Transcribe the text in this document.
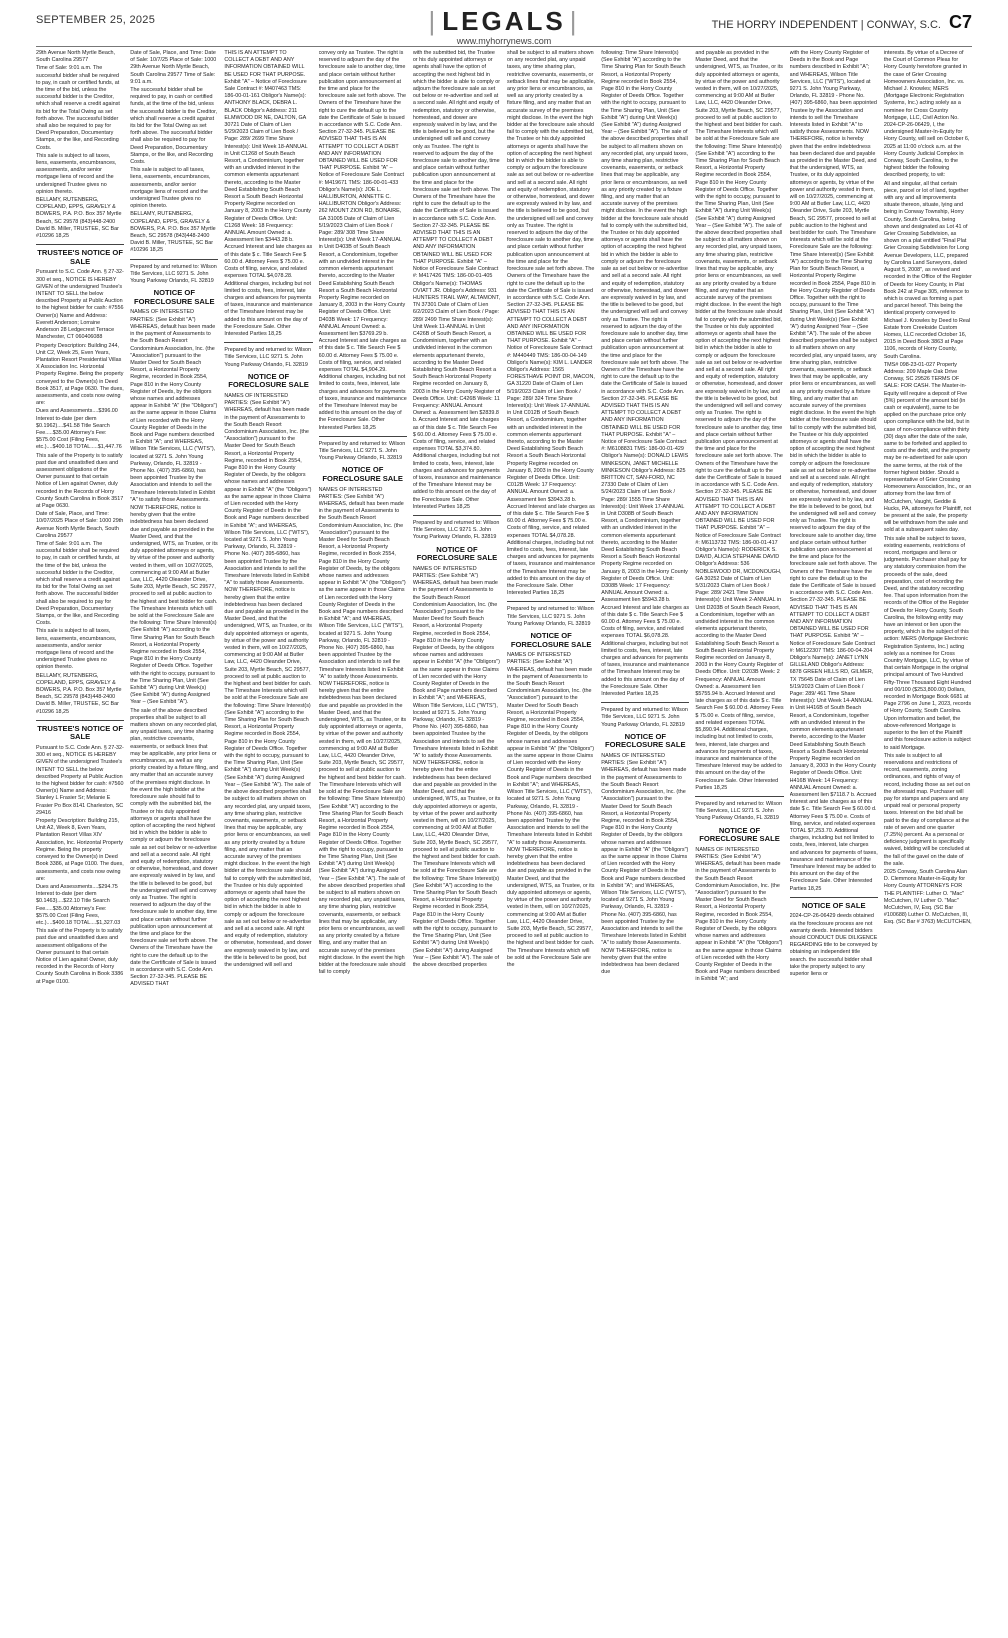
SEPTEMBER 25, 2025	| LEGALS |	THE HORRY INDEPENDENT | CONWAY, S.C. C7
www.myhorrynews.com

29th Avenue North Myrtle Beach, South Carolina 29577

Time of Sale: 9:01 a.m. The successful bidder shall be required to pay, in cash or certified funds, at the time of the bid, unless the successful bidder is the Creditor, which shall reserve a credit against its bid for the Total Owing as set forth above. The successful bidder shall also be required to pay for Deed Preparation, Documentary Stamps, or the like, and Recording Costs.

This sale is subject to all taxes, liens, easements, encumbrances, assessments, and/or senior mortgage liens of record and the undersigned Trustee gives no opinion thereto.

BELLAMY, RUTENBERG, COPELAND, EPPS, GRAVELY & BOWERS, P.A. P.O. Box 357 Myrtle Beach, SC 29578 (843)448-2400 David B. Miller, TRUSTEE, SC Bar #10296 18,25

TRUSTEE'S NOTICE OF SALE

Pursuant to S.C. Code Ann. § 27-32-300 et seq., NOTICE IS HEREBY GIVEN of the undersigned Trustee's INTENT TO SELL the below described Property at Public Auction to the highest bidder for cash: #7556 Owner(s) Name and Address: Everett Anderson; Lorraine Anderson 28 Ledgecrest Terrace Manchester, CT 060406088

Property Description: Building 244, Unit C2, Week 25, Even Years, Plantation Resort Presidential Villas X Association Inc. Horizontal Property Regime. Being the property conveyed to the Owner(s) in Deed Book 3517, at Page 0630. The dues, assessments, and costs now owing are:

Dues and Assessments....$396.00 Interest to-date (per diem $0.1962)....$41.58 Title Search Fee.....$35.00 Attorney's Fee: $575.00 Cost (Filing Fees, etc.)....$400.18 TOTAL.....$1,447.76

This sale of the Property is to satisfy past due and unsatisfied dues and assessment obligations of the Owner pursuant to that certain Notice of Lien against Owner, duly recorded in the Records of Horry County South Carolina in Book 3517 at Page 0630.

Date of Sale, Place, and Time: 10/07/2025 Place of Sale: 1000 29th Avenue North Myrtle Beach, South Carolina 29577

Time of Sale: 9:01 a.m. The successful bidder shall be required to pay, in cash or certified funds, at the time of the bid, unless the successful bidder is the Creditor, which shall reserve a credit against its bid for the Total Owing as set forth above. The successful bidder shall also be required to pay for Deed Preparation, Documentary Stamps, or the like, and Recording Costs.

This sale is subject to all taxes, liens, easements, encumbrances, assessments, and/or senior mortgage liens of record and the undersigned Trustee gives no opinion thereto.

BELLAMY, RUTENBERG, COPELAND, EPPS, GRAVELY & BOWERS, P.A. P.O. Box 357 Myrtle Beach, SC 29578 (843)448-2400 David B. Miller, TRUSTEE, SC Bar #10296 18,25

TRUSTEE'S NOTICE OF SALE

Pursuant to S.C. Code Ann. § 27-32-300 et seq., NOTICE IS HEREBY GIVEN of the undersigned Trustee's INTENT TO SELL the below described Property at Public Auction to the highest bidder for cash: #7560 Owner(s) Name and Address: Stanley L Frasier Sr; Melanie E Frasier Po Box 8141 Charleston, SC 29416

Property Description: Building 215, Unit A2, Week 8, Even Years, Plantation Resort Villas XIV Association, Inc. Horizontal Property Regime. Being the property conveyed to the Owner(s) in Deed Book 3386, at Page 0100. The dues, assessments, and costs now owing are:

Dues and Assessments....$294.75 Interest to-date (per diem $0.1463)....$22.10 Title Search Fee.....$35.00 Attorney's Fee: $575.00 Cost (Filing Fees, etc.)....$400.18 TOTAL....$1,327.03

This sale of the Property is to satisfy past due and unsatisfied dues and assessment obligations of the Owner pursuant to that certain Notice of Lien against Owner, duly recorded in the Records of Horry County South Carolina in Book 3386 at Page 0100.

Date of Sale, Place, and Time: Date of Sale: 10/7/25 Place of Sale: 1000 29th Avenue North Myrtle Beach, South Carolina 29577 Time of Sale: 9:01 a.m.

The successful bidder shall be required to pay, in cash or certified funds, at the time of the bid, unless the successful bidder is the Creditor, which shall reserve a credit against its bid for the Total Owing as set forth above. The successful bidder shall also be required to pay for Deed Preparation, Documentary Stamps, or the like, and Recording Costs.

This sale is subject to all taxes, liens, easements, encumbrances, assessments, and/or senior mortgage liens of record and the undersigned Trustee gives no opinion thereto.

BELLAMY, RUTENBERG, COPELAND, EPPS, GRAVELY & BOWERS, P.A. P.O. Box 357 Myrtle Beach, SC 29578 (843)448-2400 David B. Miller, TRUSTEE, SC Bar #10296 18,25

Prepared by and returned to: Wilson Title Services, LLC 9271 S. John Young Parkway Orlando, FL 32819

NOTICE OF FORECLOSURE SALE

NAMES OF INTERESTED PARTIES: (See Exhibit "A") WHEREAS, default has been made in the payment of Assessments to the South Beach Resort Condominium Association, Inc. (the "Association") pursuant to the Master Deed for South Beach Resort, a Horizontal Property Regime, recorded in Book 2554, Page 810 in the Horry County Register of Deeds, by the obligors whose names and addresses appear in Exhibit "A" (the "Obligors") as the same appear in those Claims of Lien recorded with the Horry County Register of Deeds in the Book and Page numbers described in Exhibit "A"; and WHEREAS, Wilson Title Services, LLC ("WTS"), located at 9271 S. John Young Parkway, Orlando, FL 32819 - Phone No. (407) 395-6860, has been appointed Trustee by the Association and intends to sell the Timeshare Interests listed in Exhibit "A" to satisfy those Assessments.

NOW THEREFORE, notice is hereby given that the entire indebtedness has been declared due and payable as provided in the Master Deed, and that the undersigned, WTS, as Trustee, or its duly appointed attorneys or agents, by virtue of the power and authority vested in them, will on 10/27/2025, commencing at 9:00 AM at Butler Law, LLC, 4420 Oleander Drive, Suite 203, Myrtle Beach, SC 29577, proceed to sell at public auction to the highest and best bidder for cash. The Timeshare Interests which will be sold at the Foreclosure Sale are the following: Time Share Interest(s) (See Exhibit "A") according to the Time Sharing Plan for South Beach Resort, a Horizontal Property Regime recorded in Book 2554, Page 810 in the Horry County Register of Deeds Office. Together with the right to occupy, pursuant to the Time Sharing Plan, Unit (See Exhibit "A") during Unit Week(s) (See Exhibit "A") during Assigned Year – (See Exhibit "A").

The sale of the above described properties shall be subject to all matters shown on any recorded plat, any unpaid taxes, any time sharing plan, restrictive covenants, easements, or setback lines that may be applicable, any prior liens or encumbrances, as well as any priority created by a fixture filing, and any matter that an accurate survey of the premises might disclose. In the event the high bidder at the foreclosure sale should fail to comply with the submitted bid, the Trustee or his duly appointed attorneys or agents shall have the option of accepting the next highest bid in which the bidder is able to comply or adjourn the foreclosure sale as set out below or re-advertise and sell at a second sale. All right and equity of redemption, statutory or otherwise, homestead, and dower are expressly waived in by law, and the title is believed to be good, but the undersigned will sell and convey only as Trustee. The right is reserved to adjourn the day of the foreclosure sale to another day, time and place certain without further publication upon announcement at the time and place for the foreclosure sale set forth above. The Owners of the Timeshare have the right to cure the default up to the date the Certificate of Sale is issued in accordance with S.C. Code Ann. Section 27-32-345. PLEASE BE ADVISED THAT

THIS IS AN ATTEMPT TO COLLECT A DEBT AND ANY INFORMATION OBTAINED WILL BE USED FOR THAT PURPOSE. Exhibit "A" – Notice of Foreclosure Sale Contract #: M407463 TMS: 186-00-01-161 Obligor's Name(s): ANTHONY BLACK, DEBRA L. BLACK Obligor's Address: 211 ELMWOOD DR NE, DALTON, GA 30721 Date of Claim of Lien 5/29/2023 Claim of Lien Book / Page: 289/ 2699 Time Share Interest(s): Unit Week 18-ANNUAL in Unit C1268 of South Beach Resort, a Condominium, together with an undivided interest in the common elements appurtenant thereto, according to the Master Deed Establishing South Beach Resort a South Beach Horizontal Property Regime recorded on January 8, 2003 in the Horry County Register of Deeds Office. Unit: C1268 Week: 18 Frequency: ANNUAL Amount Owned: a. Assessment lien $3443.28 b. Accrued Interest and late charges as of this date $ c. Title Search Fee $ 60.00 d. Attorney Fees $ 75.00 e. Costs of filing, service, and related expenses TOTAL $4,078.28. Additional charges, including but not limited to costs, fees, interest, late charges and advances for payments of taxes, insurance and maintenance of the Timeshare Interest may be added to this amount on the day of the Foreclosure Sale. Other Interested Parties 18,25

Prepared by and returned to: Wilson Title Services, LLC 9271 S. John Young Parkway Orlando, FL 32819

NOTICE OF FORECLOSURE SALE

NAMES OF INTERESTED PARTIES: (See Exhibit "A") WHEREAS, default has been made in the payment of Assessments to the South Beach Resort Condominium Association, Inc. (the "Association") pursuant to the Master Deed for South Beach Resort, a Horizontal Property Regime, recorded in Book 2554, Page 810 in the Horry County Register of Deeds, by the obligors whose names and addresses appear in Exhibit "A" (the "Obligors") as the same appear in those Claims of Lien recorded with the Horry County Register of Deeds in the Book and Page numbers described in Exhibit "A"; and WHEREAS, Wilson Title Services, LLC ("WTS"), located at 9271 S. John Young Parkway, Orlando, FL 32819 - Phone No. (407) 395-6860, has been appointed Trustee by the Association and intends to sell the Timeshare Interests listed in Exhibit "A" to satisfy those Assessments. NOW THEREFORE, notice is hereby given that the entire indebtedness has been declared due and payable as provided in the Master Deed, and that the undersigned, WTS, as Trustee, or its duly appointed attorneys or agents, by virtue of the power and authority vested in them, will on 10/27/2025, commencing at 9:00 AM at Butler Law, LLC, 4420 Oleander Drive, Suite 203, Myrtle Beach, SC 29577, proceed to sell at public auction to the highest and best bidder for cash. The Timeshare Interests which will be sold at the Foreclosure Sale are the following: Time Share Interest(s) (See Exhibit "A") according to the Time Sharing Plan for South Beach Resort, a Horizontal Property Regime recorded in Book 2554, Page 810 in the Horry County Register of Deeds Office. Together with the right to occupy, pursuant to the Time Sharing Plan, Unit (See Exhibit "A") during Unit Week(s) (See Exhibit "A") during Assigned Year – (See Exhibit "A"). The sale of the above described properties shall be subject to all matters shown on any recorded plat, any unpaid taxes, any time sharing plan, restrictive covenants, easements, or setback lines that may be applicable, any prior liens or encumbrances, as well as any priority created by a fixture filing, and any matter that an accurate survey of the premises might disclose. In the event the high bidder at the foreclosure sale should fail to comply with the submitted bid, the Trustee or his duly appointed attorneys or agents shall have the option of accepting the next highest bid in which the bidder is able to comply or adjourn the foreclosure sale as set out below or re-advertise and sell at a second sale. All right and equity of redemption, statutory or otherwise, homestead, and dower are expressly waived in by law, and the title is believed to be good, but the undersigned will sell and

convey only as Trustee. The right is reserved to adjourn the day of the foreclosure sale to another day, time and place certain without further publication upon announcement at the time and place for the foreclosure sale set forth above. The Owners of the Timeshare have the right to cure the default up to the date the Certificate of Sale is issued in accordance with S.C. Code Ann. Section 27-32-345. PLEASE BE ADVISED THAT THIS IS AN ATTEMPT TO COLLECT A DEBT AND ANY INFORMATION OBTAINED WILL BE USED FOR THAT PURPOSE. Exhibit "A" – Notice of Foreclosure Sale Contract #: M419671 TMS: 186-00-01-433 Obligor's Name(s): JOE L. HALLIBURTON, ANNETTE C. HALLIBURTON Obligor's Address: 262 MOUNT ZION RD, BONAIRE, GA 31005 Date of Claim of Lien 5/19/2023 Claim of Lien Book / Page: 289/ 308 Time Share Interest(s): Unit Week 17-ANNUAL in Unit D403B of South Beach Resort, a Condominium, together with an undivided interest in the common elements appurtenant thereto, according to the Master Deed Establishing South Beach Resort a South Beach Horizontal Property Regime recorded on January 8, 2003 in the Horry County Register of Deeds Office. Unit: D403B Week: 17 Frequency: ANNUAL Amount Owned: a. Assessment lien $3769.29 b. Accrued Interest and late charges as of this date $ c. Title Search Fee $ 60.00 d. Attorney Fees $ 75.00 e. Costs of filing, service, and related expenses TOTAL $4,904.29. Additional charges, including but not limited to costs, fees, interest, late charges and advances for payments of taxes, insurance and maintenance of the Timeshare Interest may be added to this amount on the day of the Foreclosure Sale. Other Interested Parties 18,25

Prepared by and returned to: Wilson Title Services, LLC 9271 S. John Young Parkway Orlando, FL 32819

NOTICE OF FORECLOSURE SALE

NAMES OF INTERESTED PARTIES: (See Exhibit "A") WHEREAS, default has been made in the payment of Assessments to the South Beach Resort Condominium Association, Inc. (the "Association") pursuant to the Master Deed for South Beach Resort, a Horizontal Property Regime, recorded in Book 2554, Page 810 in the Horry County Register of Deeds, by the obligors whose names and addresses appear in Exhibit "A" (the "Obligors") as the same appear in those Claims of Lien recorded with the Horry County Register of Deeds in the Book and Page numbers described in Exhibit "A"; and WHEREAS, Wilson Title Services, LLC ("WTS"), located at 9271 S. John Young Parkway, Orlando, FL 32819 - Phone No. (407) 395-6860, has been appointed Trustee by the Association and intends to sell the Timeshare Interests listed in Exhibit "A" to satisfy those Assessments. NOW THEREFORE, notice is hereby given that the entire indebtedness has been declared due and payable as provided in the Master Deed, and that the undersigned, WTS, as Trustee, or its duly appointed attorneys or agents, by virtue of the power and authority vested in them, will on 10/27/2025, commencing at 9:00 AM at Butler Law, LLC, 4420 Oleander Drive, Suite 203, Myrtle Beach, SC 29577, proceed to sell at public auction to the highest and best bidder for cash. The Timeshare Interests which will be sold at the Foreclosure Sale are the following: Time Share Interest(s) (See Exhibit "A") according to the Time Sharing Plan for South Beach Resort, a Horizontal Property Regime recorded in Book 2554, Page 810 in the Horry County Register of Deeds Office. Together with the right to occupy, pursuant to the Time Sharing Plan, Unit (See Exhibit "A") during Unit Week(s) (See Exhibit "A") during Assigned Year – (See Exhibit "A"). The sale of the above described properties shall be subject to all matters shown on any recorded plat, any unpaid taxes, any time sharing plan, restrictive covenants, easements, or setback lines that may be applicable, any prior liens or encumbrances, as well as any priority created by a fixture filing, and any matter that an accurate survey of the premises might disclose. In the event the high bidder at the foreclosure sale should fail to comply

with the submitted bid, the Trustee or his duly appointed attorneys or agents shall have the option of accepting the next highest bid in which the bidder is able to comply or adjourn the foreclosure sale as set out below or re-advertise and sell at a second sale. All right and equity of redemption, statutory or otherwise, homestead, and dower are expressly waived in by law, and the title is believed to be good, but the undersigned will sell and convey only as Trustee. The right is reserved to adjourn the day of the foreclosure sale to another day, time and place certain without further publication upon announcement at the time and place for the foreclosure sale set forth above. The Owners of the Timeshare have the right to cure the default up to the date the Certificate of Sale is issued in accordance with S.C. Code Ann. Section 27-32-345. PLEASE BE ADVISED THAT THIS IS AN ATTEMPT TO COLLECT A DEBT AND ANY INFORMATION OBTAINED WILL BE USED FOR THAT PURPOSE. Exhibit "A" – Notice of Foreclosure Sale Contract #: M417426 TMS: 186-00-01-405 Obligor's Name(s): THOMAS OVIATT JR. Obligor's Address: 931 HUNTERS TRAIL WAY, ALTAMONT, TN 37301 Date of Claim of Lien 6/2/2023 Claim of Lien Book / Page: 289/ 2499 Time Share Interest(s): Unit Week 11-ANNUAL in Unit C426B of South Beach Resort, a Condominium, together with an undivided interest in the common elements appurtenant thereto, according to the Master Deed Establishing South Beach Resort a South Beach Horizontal Property Regime recorded on January 8, 2003 in the Horry County Register of Deeds Office. Unit: C426B Week: 11 Frequency: ANNUAL Amount Owned: a. Assessment lien $2839.8 b. Accrued Interest and late charges as of this date $ c. Title Search Fee $ 60.00 d. Attorney Fees $ 75.00 e. Costs of filing, service, and related expenses TOTAL $3,374.80. Additional charges, including but not limited to costs, fees, interest, late charges and advances for payments of taxes, insurance and maintenance of the Timeshare Interest may be added to this amount on the day of the Foreclosure Sale. Other Interested Parties 18,25

Prepared by and returned to: Wilson Title Services, LLC 9271 S. John Young Parkway Orlando, FL 32819

NOTICE OF FORECLOSURE SALE

NAMES OF INTERESTED PARTIES: (See Exhibit "A") WHEREAS, default has been made in the payment of Assessments to the South Beach Resort Condominium Association, Inc. (the "Association") pursuant to the Master Deed for South Beach Resort, a Horizontal Property Regime, recorded in Book 2554, Page 810 in the Horry County Register of Deeds, by the obligors whose names and addresses appear in Exhibit "A" (the "Obligors") as the same appear in those Claims of Lien recorded with the Horry County Register of Deeds in the Book and Page numbers described in Exhibit "A"; and WHEREAS, Wilson Title Services, LLC ("WTS"), located at 9271 S. John Young Parkway, Orlando, FL 32819 - Phone No. (407) 395-6860, has been appointed Trustee by the Association and intends to sell the Timeshare Interests listed in Exhibit "A" to satisfy those Assessments. NOW THEREFORE, notice is hereby given that the entire indebtedness has been declared due and payable as provided in the Master Deed, and that the undersigned, WTS, as Trustee, or its duly appointed attorneys or agents, by virtue of the power and authority vested in them, will on 10/27/2025, commencing at 9:00 AM at Butler Law, LLC, 4420 Oleander Drive, Suite 203, Myrtle Beach, SC 29577, proceed to sell at public auction to the highest and best bidder for cash. The Timeshare Interests which will be sold at the Foreclosure Sale are the following: Time Share Interest(s) (See Exhibit "A") according to the Time Sharing Plan for South Beach Resort, a Horizontal Property Regime recorded in Book 2554, Page 810 in the Horry County Register of Deeds Office. Together with the right to occupy, pursuant to the Time Sharing Plan, Unit (See Exhibit "A") during Unit Week(s) (See Exhibit "A") during Assigned Year – (See Exhibit "A"). The sale of the above described properties

shall be subject to all matters shown on any recorded plat, any unpaid taxes, any time sharing plan, restrictive covenants, easements, or setback lines that may be applicable, any prior liens or encumbrances, as well as any priority created by a fixture filing, and any matter that an accurate survey of the premises might disclose. In the event the high bidder at the foreclosure sale should fail to comply with the submitted bid, the Trustee or his duly appointed attorneys or agents shall have the option of accepting the next highest bid in which the bidder is able to comply or adjourn the foreclosure sale as set out below or re-advertise and sell at a second sale. All right and equity of redemption, statutory or otherwise, homestead, and dower are expressly waived in by law, and the title is believed to be good, but the undersigned will sell and convey only as Trustee. The right is reserved to adjourn the day of the foreclosure sale to another day, time and place certain without further publication upon announcement at the time and place for the foreclosure sale set forth above. The Owners of the Timeshare have the right to cure the default up to the date the Certificate of Sale is issued in accordance with S.C. Code Ann. Section 27-32-345. PLEASE BE ADVISED THAT THIS IS AN ATTEMPT TO COLLECT A DEBT AND ANY INFORMATION OBTAINED WILL BE USED FOR THAT PURPOSE. Exhibit "A" – Notice of Foreclosure Sale Contract #: M440449 TMS: 186-00-04-149 Obligor's Name(s): KIM L. LANDER Obligor's Address: 1565 FORESTHAVE POINT DR, MACON, GA 31220 Date of Claim of Lien 5/19/2023 Claim of Lien Book / Page: 289/ 324 Time Share Interest(s): Unit Week 17-ANNUAL in Unit C012B of South Beach Resort, a Condominium, together with an undivided interest in the common elements appurtenant thereto, according to the Master Deed Establishing South Beach Resort a South Beach Horizontal Property Regime recorded on January 8, 2003 in the Horry County Register of Deeds Office. Unit: C012B Week: 17 Frequency: ANNUAL Amount Owned: a. Assessment lien $3943.28 b. Accrued Interest and late charges as of this date $ c. Title Search Fee $ 60.00 d. Attorney Fees $ 75.00 e. Costs of filing, service, and related expenses TOTAL $4,078.28. Additional charges, including but not limited to costs, fees, interest, late charges and advances for payments of taxes, insurance and maintenance of the Timeshare Interest may be added to this amount on the day of the Foreclosure Sale. Other Interested Parties 18,25

Prepared by and returned to: Wilson Title Services, LLC 9271 S. John Young Parkway Orlando, FL 32819

NOTICE OF FORECLOSURE SALE

NAMES OF INTERESTED PARTIES: (See Exhibit "A") WHEREAS, default has been made in the payment of Assessments to the South Beach Resort Condominium Association, Inc. (the "Association") pursuant to the Master Deed for South Beach Resort, a Horizontal Property Regime, recorded in Book 2554, Page 810 in the Horry County Register of Deeds, by the obligors whose names and addresses appear in Exhibit "A" (the "Obligors") as the same appear in those Claims of Lien recorded with the Horry County Register of Deeds in the Book and Page numbers described in Exhibit "A"; and WHEREAS, Wilson Title Services, LLC ("WTS"), located at 9271 S. John Young Parkway, Orlando, FL 32819 - Phone No. (407) 395-6860, has been appointed Trustee by the Association and intends to sell the Timeshare Interests listed in Exhibit "A" to satisfy those Assessments. NOW THEREFORE, notice is hereby given that the entire indebtedness has been declared due and payable as provided in the Master Deed, and that the undersigned, WTS, as Trustee, or its duly appointed attorneys or agents, by virtue of the power and authority vested in them, will on 10/27/2025, commencing at 9:00 AM at Butler Law, LLC, 4420 Oleander Drive, Suite 203, Myrtle Beach, SC 29577, proceed to sell at public auction to the highest and best bidder for cash. The Timeshare Interests which will be sold at the Foreclosure Sale are the

following: Time Share Interest(s) (See Exhibit "A") according to the Time Sharing Plan for South Beach Resort, a Horizontal Property Regime recorded in Book 2554, Page 810 in the Horry County Register of Deeds Office. Together with the right to occupy, pursuant to the Time Sharing Plan, Unit (See Exhibit "A") during Unit Week(s) (See Exhibit "A") during Assigned Year – (See Exhibit "A"). The sale of the above described properties shall be subject to all matters shown on any recorded plat, any unpaid taxes, any time sharing plan, restrictive covenants, easements, or setback lines that may be applicable, any prior liens or encumbrances, as well as any priority created by a fixture filing, and any matter that an accurate survey of the premises might disclose. In the event the high bidder at the foreclosure sale should fail to comply with the submitted bid, the Trustee or his duly appointed attorneys or agents shall have the option of accepting the next highest bid in which the bidder is able to comply or adjourn the foreclosure sale as set out below or re-advertise and sell at a second sale. All right and equity of redemption, statutory or otherwise, homestead, and dower are expressly waived in by law, and the title is believed to be good, but the undersigned will sell and convey only as Trustee. The right is reserved to adjourn the day of the foreclosure sale to another day, time and place certain without further publication upon announcement at the time and place for the foreclosure sale set forth above. The Owners of the Timeshare have the right to cure the default up to the date the Certificate of Sale is issued in accordance with S.C. Code Ann. Section 27-32-345. PLEASE BE ADVISED THAT THIS IS AN ATTEMPT TO COLLECT A DEBT AND ANY INFORMATION OBTAINED WILL BE USED FOR THAT PURPOSE. Exhibit "A" – Notice of Foreclosure Sale Contract #: M6108831 TMS: 186-00-01-429 Obligor's Name(s): DONALD LEWIS MINKESON, JANET MICHELLE MINKESON Obligor's Address: 825 BRITTON CT, SAN-FORD, NC 27330 Date of Claim of Lien 5/24/2023 Claim of Lien Book / Page: 289/ 1555 Time Share Interest(s): Unit Week 17-ANNUAL in Unit D308B of South Beach Resort, a Condominium, together with an undivided interest in the common elements appurtenant thereto, according to the Master Deed Establishing South Beach Resort a South Beach Horizontal Property Regime recorded on January 8, 2003 in the Horry County Register of Deeds Office. Unit: D308B Week: 17 Frequency: ANNUAL Amount Owned: a. Assessment lien $5943.28 b. Accrued Interest and late charges as of this date $ c. Title Search Fee $ 60.00 d. Attorney Fees $ 75.00 e. Costs of filing, service, and related expenses TOTAL $6,078.28. Additional charges, including but not limited to costs, fees, interest, late charges and advances for payments of taxes, insurance and maintenance of the Timeshare Interest may be added to this amount on the day of the Foreclosure Sale. Other Interested Parties 18,25

Prepared by and returned to: Wilson Title Services, LLC 9271 S. John Young Parkway Orlando, FL 32819

NOTICE OF FORECLOSURE SALE

NAMES OF INTERESTED PARTIES: (See Exhibit "A") WHEREAS, default has been made in the payment of Assessments to the South Beach Resort Condominium Association, Inc. (the "Association") pursuant to the Master Deed for South Beach Resort, a Horizontal Property Regime, recorded in Book 2554, Page 810 in the Horry County Register of Deeds, by the obligors whose names and addresses appear in Exhibit "A" (the "Obligors") as the same appear in those Claims of Lien recorded with the Horry County Register of Deeds in the Book and Page numbers described in Exhibit "A"; and WHEREAS, Wilson Title Services, LLC ("WTS"), located at 9271 S. John Young Parkway, Orlando, FL 32819 - Phone No. (407) 395-6860, has been appointed Trustee by the Association and intends to sell the Timeshare Interests listed in Exhibit "A" to satisfy those Assessments. NOW THEREFORE, notice is hereby given that the entire indebtedness has been declared due

and payable as provided in the Master Deed, and that the undersigned, WTS, as Trustee, or its duly appointed attorneys or agents, by virtue of the power and authority vested in them, will on 10/27/2025, commencing at 9:00 AM at Butler Law, LLC, 4420 Oleander Drive, Suite 203, Myrtle Beach, SC 29577, proceed to sell at public auction to the highest and best bidder for cash. The Timeshare Interests which will be sold at the Foreclosure Sale are the following: Time Share Interest(s) (See Exhibit "A") according to the Time Sharing Plan for South Beach Resort, a Horizontal Property Regime recorded in Book 2554, Page 810 in the Horry County Register of Deeds Office. Together with the right to occupy, pursuant to the Time Sharing Plan, Unit (See Exhibit "A") during Unit Week(s) (See Exhibit "A") during Assigned Year – (See Exhibit "A"). The sale of the above described properties shall be subject to all matters shown on any recorded plat, any unpaid taxes, any time sharing plan, restrictive covenants, easements, or setback lines that may be applicable, any prior liens or encumbrances, as well as any priority created by a fixture filing, and any matter that an accurate survey of the premises might disclose. In the event the high bidder at the foreclosure sale should fail to comply with the submitted bid, the Trustee or his duly appointed attorneys or agents shall have the option of accepting the next highest bid in which the bidder is able to comply or adjourn the foreclosure sale as set out below or re-advertise and sell at a second sale. All right and equity of redemption, statutory or otherwise, homestead, and dower are expressly waived in by law, and the title is believed to be good, but the undersigned will sell and convey only as Trustee. The right is reserved to adjourn the day of the foreclosure sale to another day, time and place certain without further publication upon announcement at the time and place for the foreclosure sale set forth above. The Owners of the Timeshare have the right to cure the default up to the date the Certificate of Sale is issued in accordance with S.C. Code Ann. Section 27-32-345. PLEASE BE ADVISED THAT THIS IS AN ATTEMPT TO COLLECT A DEBT AND ANY INFORMATION OBTAINED WILL BE USED FOR THAT PURPOSE. Exhibit "A" – Notice of Foreclosure Sale Contract #: M6113732 TMS: 186-00-01-417 Obligor's Name(s): RODERICK S. DAVID, ALICIA STEPHANE DAVID Obligor's Address: 536 NOBLEWOOD DR, MCDONOUGH, GA 30252 Date of Claim of Lien 5/31/2023 Claim of Lien Book / Page: 289/ 2421 Time Share Interest(s): Unit Week 2-ANNUAL in Unit D203B of South Beach Resort, a Condominium, together with an undivided interest in the common elements appurtenant thereto, according to the Master Deed Establishing South Beach Resort a South Beach Horizontal Property Regime recorded on January 8, 2003 in the Horry County Register of Deeds Office. Unit: D203B Week: 2 Frequency: ANNUAL Amount Owned: a. Assessment lien $5755.94 b. Accrued Interest and late charges as of this date $ c. Title Search Fee $ 60.00 d. Attorney Fees $ 75.00 e. Costs of filing, service, and related expenses TOTAL $5,890.94. Additional charges, including but not limited to costs, fees, interest, late charges and advances for payments of taxes, insurance and maintenance of the Timeshare Interest may be added to this amount on the day of the Foreclosure Sale. Other Interested Parties 18,25

Prepared by and returned to: Wilson Title Services, LLC 9271 S. John Young Parkway Orlando, FL 32819

NOTICE OF FORECLOSURE SALE

NAMES OF INTERESTED PARTIES: (See Exhibit "A") WHEREAS, default has been made in the payment of Assessments to the South Beach Resort Condominium Association, Inc. (the "Association") pursuant to the Master Deed for South Beach Resort, a Horizontal Property Regime, recorded in Book 2554, Page 810 in the Horry County Register of Deeds, by the obligors whose names and addresses appear in Exhibit "A" (the "Obligors") as the same appear in those Claims of Lien recorded with the Horry County Register of Deeds in the Book and Page numbers described in Exhibit "A"; and

with the Horry County Register of Deeds in the Book and Page numbers described in Exhibit "A"; and WHEREAS, Wilson Title Services, LLC ("WTS"), located at 9271 S. John Young Parkway, Orlando, FL 32819 - Phone No. (407) 395-6860, has been appointed Trustee by the Association and intends to sell the Timeshare Interests listed in Exhibit "A" to satisfy those Assessments. NOW THEREFORE, notice is hereby given that the entire indebtedness has been declared due and payable as provided in the Master Deed, and that the undersigned, WTS, as Trustee, or its duly appointed attorneys or agents, by virtue of the power and authority vested in them, will on 10/27/2025, commencing at 9:00 AM at Butler Law, LLC, 4420 Oleander Drive, Suite 203, Myrtle Beach, SC 29577, proceed to sell at public auction to the highest and best bidder for cash. The Timeshare Interests which will be sold at the Foreclosure Sale are the following: Time Share Interest(s) (See Exhibit "A") according to the Time Sharing Plan for South Beach Resort, a Horizontal Property Regime recorded in Book 2554, Page 810 in the Horry County Register of Deeds Office. Together with the right to occupy, pursuant to the Time Sharing Plan, Unit (See Exhibit "A") during Unit Week(s) (See Exhibit "A") during Assigned Year – (See Exhibit "A"). The sale of the above described properties shall be subject to all matters shown on any recorded plat, any unpaid taxes, any time sharing plan, restrictive covenants, easements, or setback lines that may be applicable, any prior liens or encumbrances, as well as any priority created by a fixture filing, and any matter that an accurate survey of the premises might disclose. In the event the high bidder at the foreclosure sale should fail to comply with the submitted bid, the Trustee or his duly appointed attorneys or agents shall have the option of accepting the next highest bid in which the bidder is able to comply or adjourn the foreclosure sale as set out below or re-advertise and sell at a second sale. All right and equity of redemption, statutory or otherwise, homestead, and dower are expressly waived in by law, and the title is believed to be good, but the undersigned will sell and convey only as Trustee. The right is reserved to adjourn the day of the foreclosure sale to another day, time and place certain without further publication upon announcement at the time and place for the foreclosure sale set forth above. The Owners of the Timeshare have the right to cure the default up to the date the Certificate of Sale is issued in accordance with S.C. Code Ann. Section 27-32-345. PLEASE BE ADVISED THAT THIS IS AN ATTEMPT TO COLLECT A DEBT AND ANY INFORMATION OBTAINED WILL BE USED FOR THAT PURPOSE. Exhibit "A" – Notice of Foreclosure Sale Contract #: M6122307 TMS: 186-00-04-204 Obligor's Name(s): JANET LYNN GILLELAND Obligor's Address: 6878 GREEN HILLS RD, GILMER, TX 75645 Date of Claim of Lien 5/19/2023 Claim of Lien Book / Page: 289/ 461 Time Share Interest(s): Unit Week 14-ANNUAL in Unit H416B of South Beach Resort, a Condominium, together with an undivided interest in the common elements appurtenant thereto, according to the Master Deed Establishing South Beach Resort a South Beach Horizontal Property Regime recorded on January 8, 2003 in the Horry County Register of Deeds Office. Unit: H416B Week: 14 Frequency: ANNUAL Amount Owned: a. Assessment lien $7118.7 b. Accrued Interest and late charges as of this date $ c. Title Search Fee $ 60.00 d. Attorney Fees $ 75.00 e. Costs of filing, service, and related expenses TOTAL $7,253.70. Additional charges, including but not limited to costs, fees, interest, late charges and advances for payments of taxes, insurance and maintenance of the Timeshare Interest may be added to this amount on the day of the Foreclosure Sale. Other Interested Parties 18,25

NOTICE OF SALE

2024-CP-26-06429 deeds obtained via the foreclosure process are not warranty deeds. Interested bidders should CONDUCT DUE DILIGENCE REGARDING title to be conveyed by obtaining an independent title search. the successful bidder shall take the property subject to any superior liens or

interests. By virtue of a Decree of the Court of Common Pleas for Horry County heretofore granted in the case of Grier Crossing Homeowners Association, Inc. vs. Michael J. Knowles; MERS (Mortgage Electronic Registration Systems, Inc.) acting solely as a nominee for Cross Country Mortgage, LLC, Civil Action No. 2024-CP-26-06429, I, the undersigned Master-In-Equity for Horry County, will sell on October 6, 2025 at 11:00 o'clock a.m. at the Horry County Judicial Complex in Conway, South Carolina, to the highest bidder the following described property, to wit:

All and singular, all that certain piece, parcel or lot of land, together with any and all improvements situate thereon, situate, lying and being in Conway Township, Horry County, South Carolina, being shown and designated as Lot 41 of Grier Crossing Subdivision, as shown on a plat entitled "Final Plat Grier Crossing Subdivision for Long Avenue Developers, LLC, prepared by Carolina Land Surveyors, dated August 5, 2008", as revised and recorded in the Office of the Register of Deeds for Horry County, in Plat Book 242 at Page 305, reference to which is craved as forming a part and parcel hereof. This being the identical property conveyed to Michael J. Knowles by Deed to Real Estate from Creekside Custom Homes, LLC recorded October 16, 2015 in Deed Book 3863 at Page 1106, records of Horry County, South Carolina.

TMS# 098-23-01-027 Property Address: 209 Maple Oak Drive Conway, SC 29526 TERMS OF SALE: FOR CASH. The Master-in-Equity will require a deposit of Five (5%) percent of the amount bid (in cash or equivalent), same to be applied on the purchase price only upon compliance with the bid, but in case of non-compliance within thirty (30) days after the date of the sale, same to be forfeited and applied to costs and the debt, and the property may be re-advertised for sale upon the same terms, at the risk of the former highest bidder. Should a representative of Grier Crossing Homeowners Association, Inc., or an attorney from the law firm of McCutchen, Vaught, Geddie & Hucks, PA, attorneys for Plaintiff, not be present at the sale, the property will be withdrawn from the sale and sold at a subsequent sales day.

This sale shall be subject to taxes, existing easements, restrictions of record, mortgages and liens or judgments. Purchaser shall pay for any statutory commission from the proceeds of the sale, deed preparation, cost of recording the Deed, and the statutory recording fee. That upon information from the records of the Office of the Register of Deeds for Horry County, South Carolina, the following entity may have an interest or lien upon the property, which is the subject of this action: MERS (Mortgage Electronic Registration Systems, Inc.) acting solely as a nominee for Cross Country Mortgage, LLC, by virtue of that certain Mortgage in the original principal amount of Two Hundred Fifty-Three Thousand Eight Hundred and 00/100 ($253,800.00) Dollars, recorded in Mortgage Book 6681 at Page 2796 on June 1, 2023, records of Horry County, South Carolina. Upon information and belief, the above-referenced Mortgage is superior to the lien of the Plaintiff and this foreclosure action is subject to said Mortgage.

This sale is subject to all reservations and restrictions of record, easements, zoning ordinances, and rights of way of record, including those as set out on the aforesaid map. Purchaser will pay for stamps and papers and any unpaid real or personal property taxes. Interest on the bid shall be paid to the day of compliance at the rate of seven and one quarter (7.25%) percent. As a personal or deficiency judgment is specifically waived, bidding will be concluded at the fall of the gavel on the date of the sale.

2025 Conway, South Carolina Alan D. Clemmons Master-in-Equity for Horry County ATTORNEYS FOR THE PLAINTIFF: Luther O. "Mac" McCutchen, IV Luther O. "Mac" McCutchen, IV, Esq. (SC Bar #100688) Luther O. McCutchen, III, Esq. (SC Bar # 3763) McCUTCHEN,
